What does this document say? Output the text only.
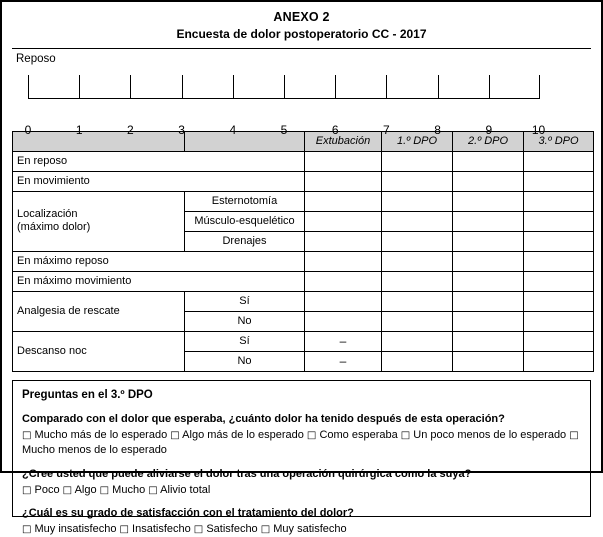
ANEXO 2
Encuesta de dolor postoperatorio CC - 2017
Reposo
0	1	2	3	4	5	6	7	8	9	10
		Extubación	1.º DPO	2.º DPO	3.º DPO
En reposo					
En movimiento					
Localización
(máximo dolor)	Esternotomía				
	Músculo-esquelético				
	Drenajes				
En máximo reposo					
En máximo movimiento					
Analgesia de rescate	Sí				
	No				
Descanso noc	Sí	–			
	No	–			
Preguntas en el 3.º DPO
Comparado con el dolor que esperaba, ¿cuánto dolor ha tenido después de esta operación?
□ Mucho más de lo esperado □ Algo más de lo esperado □ Como esperaba □ Un poco menos de lo esperado □ Mucho menos de lo esperado
¿Cree usted que puede aliviarse el dolor tras una operación quirúrgica como la suya?
□ Poco □ Algo □ Mucho □ Alivio total
¿Cuál es su grado de satisfacción con el tratamiento del dolor?
□ Muy insatisfecho □ Insatisfecho □ Satisfecho □ Muy satisfecho
